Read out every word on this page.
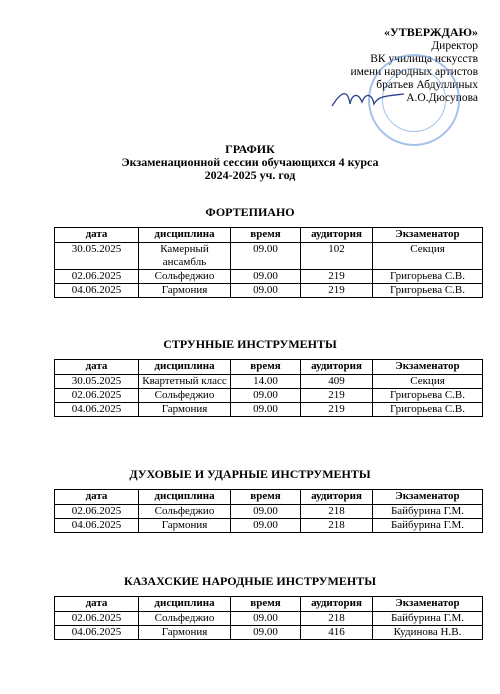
«УТВЕРЖДАЮ»
Директор
ВК училища искусств
имени народных артистов
братьев Абдуллиных
А.О.Дюсупова
ГРАФИК
Экзаменационной сессии обучающихся 4 курса
2024-2025 уч. год
ФОРТЕПИАНО
дата	дисциплина	время	аудитория	Экзаменатор
30.05.2025	Камерный ансамбль	09.00	102	Секция
02.06.2025	Сольфеджио	09.00	219	Григорьева С.В.
04.06.2025	Гармония	09.00	219	Григорьева С.В.
СТРУННЫЕ ИНСТРУМЕНТЫ
дата	дисциплина	время	аудитория	Экзаменатор
30.05.2025	Квартетный класс	14.00	409	Секция
02.06.2025	Сольфеджио	09.00	219	Григорьева С.В.
04.06.2025	Гармония	09.00	219	Григорьева С.В.
ДУХОВЫЕ И УДАРНЫЕ ИНСТРУМЕНТЫ
дата	дисциплина	время	аудитория	Экзаменатор
02.06.2025	Сольфеджио	09.00	218	Байбурина Г.М.
04.06.2025	Гармония	09.00	218	Байбурина Г.М.
КАЗАХСКИЕ НАРОДНЫЕ ИНСТРУМЕНТЫ
дата	дисциплина	время	аудитория	Экзаменатор
02.06.2025	Сольфеджио	09.00	218	Байбурина Г.М.
04.06.2025	Гармония	09.00	416	Кудинова Н.В.
